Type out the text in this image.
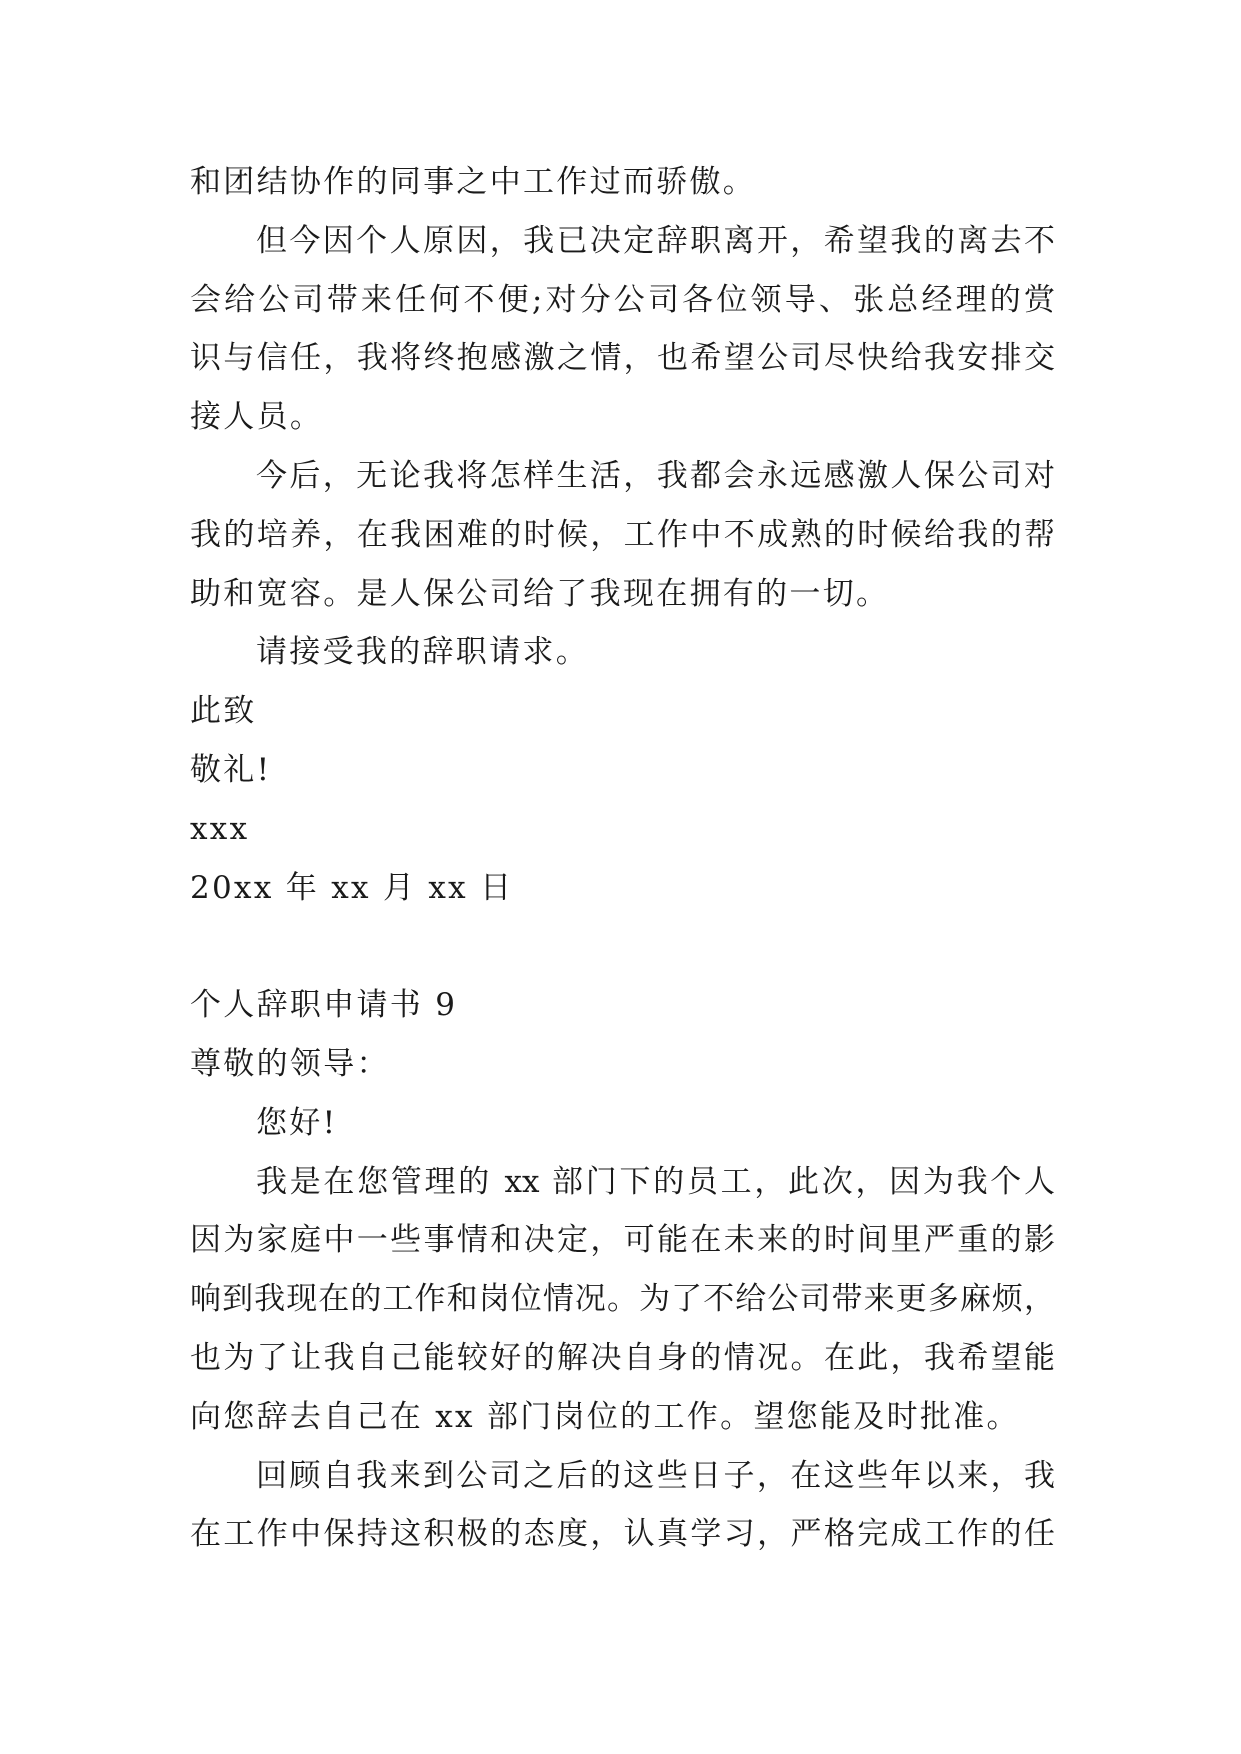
和团结协作的同事之中工作过而骄傲。
但今因个人原因，我已决定辞职离开，希望我的离去不
会给公司带来任何不便;对分公司各位领导、张总经理的赏
识与信任，我将终抱感激之情，也希望公司尽快给我安排交
接人员。
今后，无论我将怎样生活，我都会永远感激人保公司对
我的培养，在我困难的时候，工作中不成熟的时候给我的帮
助和宽容。是人保公司给了我现在拥有的一切。
请接受我的辞职请求。
此致
敬礼!
xxx
20xx 年 xx 月 xx 日
个人辞职申请书 9
尊敬的领导：
您好!
我是在您管理的 xx 部门下的员工，此次，因为我个人
因为家庭中一些事情和决定，可能在未来的时间里严重的影
响到我现在的工作和岗位情况。为了不给公司带来更多麻烦，
也为了让我自己能较好的解决自身的情况。在此，我希望能
向您辞去自己在 xx 部门岗位的工作。望您能及时批准。
回顾自我来到公司之后的这些日子，在这些年以来，我
在工作中保持这积极的态度，认真学习，严格完成工作的任
